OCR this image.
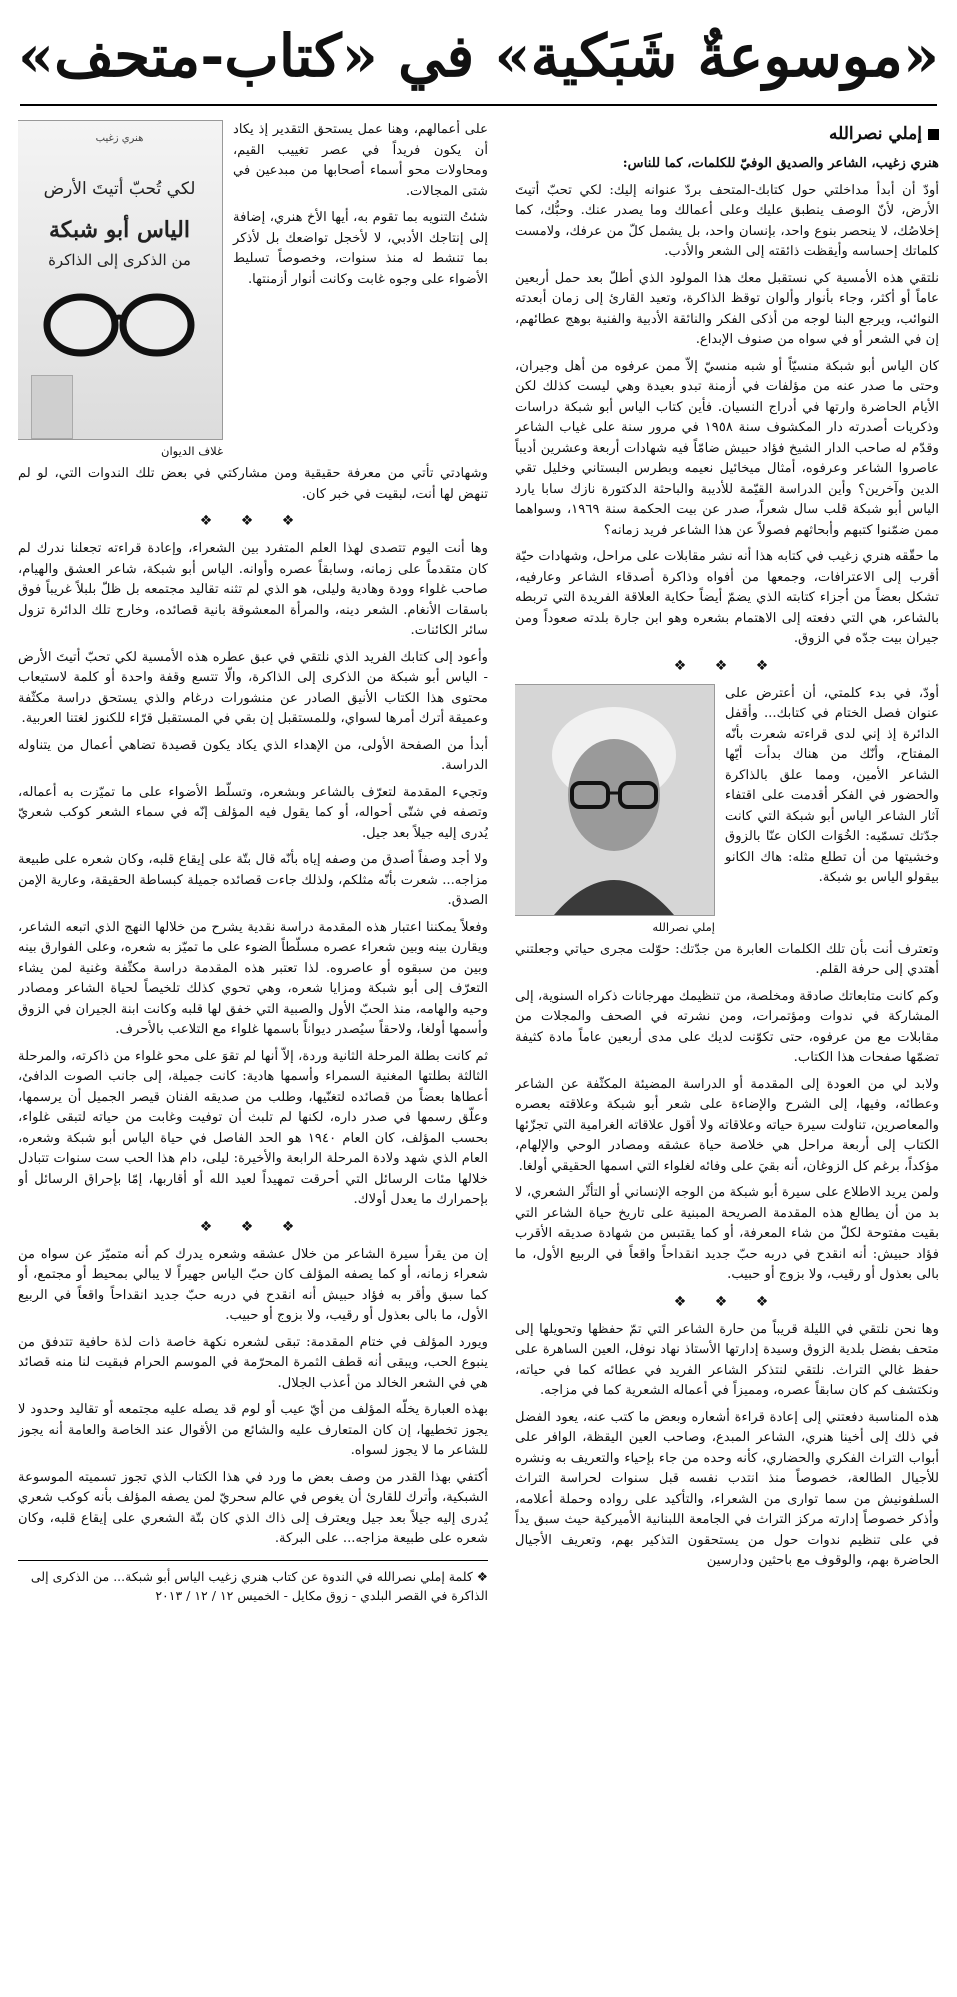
«موسوعةٌ شَبَكية» في «كتاب-متحف»
إملي نصرالله

هنري زغيب، الشاعر والصديق الوفيّ للكلمات، كما للناس:

أودّ أن أبدأ مداخلتي حول كتابك-المتحف بردّ عنوانه إليك: لكي تحبّ أتيتَ الأرض، لأنّ الوصف ينطبق عليك وعلى أعمالك وما يصدر عنك. وحبُّك، كما إخلاصُك، لا ينحصر بنوع واحد، بإنسان واحد، بل يشمل كلّ من عرفك، ولامست كلماتك إحساسه وأيقظت ذائقته إلى الشعر والأدب.

نلتقي هذه الأمسية كي نستقبل معك هذا المولود الذي أطلّ بعد حمل أربعين عاماً أو أكثر، وجاء بأنوار وألوان توقظ الذاكرة، وتعيد القارئ إلى زمان أبعدته النوائب، ويرجع البنا لوجه من أذكى الفكر والنائقة الأدبية والفنية بوهج عطائهم، إن في الشعر أو في سواه من صنوف الإبداع.

كان الياس أبو شبكة منسيّاً أو شبه منسيّ إلاّ ممن عرفوه من أهل وجيران، وحتى ما صدر عنه من مؤلفات في أزمنة تبدو بعيدة وهي ليست كذلك لكن الأيام الحاضرة وارتها في أدراج النسيان. فأين كتاب الياس أبو شبكة دراسات وذكريات أصدرته دار المكشوف سنة ١٩٥٨ في مرور سنة على غياب الشاعر وقدّم له صاحب الدار الشيخ فؤاد حبيش ضامّاً فيه شهادات أربعة وعشرين أديباً عاصروا الشاعر وعرفوه، أمثال ميخائيل نعيمه وبطرس البستاني وخليل تقي الدين وآخرين؟ وأين الدراسة القيّمة للأديبة والباحثة الدكتورة نازك سابا يارد الياس أبو شبكة قلب سال شعراً، صدر عن بيت الحكمة سنة ١٩٦٩، وسواهما ممن ضمّنوا كتبهم وأبحاثهم فصولاً عن هذا الشاعر فريد زمانه؟

ما حقّقه هنري زغيب في كتابه هذا أنه نشر مقابلات على مراحل، وشهادات حيّة أقرب إلى الاعترافات، وجمعها من أفواه وذاكرة أصدقاء الشاعر وعارفيه، تشكل بعضاً من أجزاء كتابته الذي يضمّ أيضاً حكاية العلاقة الفريدة التي تربطه بالشاعر، هي التي دفعته إلى الاهتمام بشعره وهو ابن جارة بلدته صعوداً ومن جيران بيت جدّه في الزوق.

❖ ❖ ❖

أودّ، في بدء كلمتي، أن أعترض على عنوان فصل الختام في كتابك... وأقفل الدائرة إذ إني لدى قراءته شعرت بأنّه المفتاح، وأنّك من هناك بدأت أيّها الشاعر الأمين، ومما علق بالذاكرة والحضور في الفكر أقدمت على اقتفاء آثار الشاعر الياس أبو شبكة التي كانت جدّتك تسمّيه: الخُوَات الكان عنّا بالزوق وخشيتها من أن تطلع مثله: هاك الكانو بيقولو الياس بو شبكة.

إملي نصرالله

وتعترف أنت بأن تلك الكلمات العابرة من جدّتك: حوّلت مجرى حياتي وجعلتني أهتدي إلى حرفة القلم.

وكم كانت متابعاتك صادقة ومخلصة، من تنظيمك مهرجانات ذكراه السنوية، إلى المشاركة في ندوات ومؤتمرات، ومن نشرته في الصحف والمجلات من مقابلات مع من عرفوه، حتى تكوّنت لديك على مدى أربعين عاماً مادة كثيفة تضمّها صفحات هذا الكتاب.

ولابد لي من العودة إلى المقدمة أو الدراسة المضيئة المكثّفة عن الشاعر وعطائه، وفيها، إلى الشرح والإضاءة على شعر أبو شبكة وعلاقته بعصره والمعاصرين، تناولت سيرة حياته وعلاقاته ولا أقول علاقاته الغرامية التي تجزّئها الكتاب إلى أربعة مراحل هي خلاصة حياة عشقه ومصادر الوحي والإلهام، مؤكداً، برغم كل الزوغان، أنه بقيَ على وفائه لغلواء التي اسمها الحقيقي أولغا.

ولمن يريد الاطلاع على سيرة أبو شبكة من الوجه الإنساني أو التأثّر الشعري، لا بد من أن يطالع هذه المقدمة الصريحة المبنية على تاريخ حياة الشاعر التي بقيت مفتوحة لكلّ من شاء المعرفة، أو كما يقتبس من شهادة صديقه الأقرب فؤاد حبيش: أنه انقدح في دربه حبّ جديد انقداحاً واقعاً في الربيع الأول، ما بالى بعذول أو رقيب، ولا بزوج أو حبيب.

❖ ❖ ❖

وها نحن نلتقي في الليلة قريباً من حارة الشاعر التي تمّ حفظها وتحويلها إلى متحف بفضل بلدية الزوق وسيدة إدارتها الأستاذ نهاد نوفل، العين الساهرة على حفظ غالي التراث. نلتقي لنتذكر الشاعر الفريد في عطائه كما في حياته، ونكتشف كم كان سابقاً عصره، ومميزاً في أعماله الشعرية كما في مزاجه.

هذه المناسبة دفعتني إلى إعادة قراءة أشعاره وبعض ما كتب عنه، يعود الفضل في ذلك إلى أخينا هنري، الشاعر المبدع، وصاحب العين اليقظة، الوافر على أبواب التراث الفكري والحضاري، كأنه وحده من جاء بإحياء والتعريف به ونشره للأجيال الطالعة، خصوصاً منذ انتدب نفسه قبل سنوات لحراسة التراث السلفونيش من سما توارى من الشعراء، والتأكيد على رواده وحملة أعلامه، وأذكر خصوصاً إدارته مركز التراث في الجامعة اللبنانية الأميركية حيث سبق يداً في على تنظيم ندوات حول من يستحقون التذكير بهم، وتعريف الأجيال الحاضرة بهم، والوقوف مع باحثين ودارسين

على أعمالهم، وهنا عمل يستحق التقدير إذ يكاد أن يكون فريداً في عصر تغييب القيم، ومحاولات محو أسماء أصحابها من مبدعين في شتى المجالات.

شئتُ التنويه بما تقوم به، أيها الأخ هنري، إضافة إلى إنتاجك الأدبي، لا لأخجل تواضعك بل لأذكر بما تنشط له منذ سنوات، وخصوصاً تسليط الأضواء على وجوه غابت وكانت أنوار أزمنتها.

هنري زغيب
لكي تُحبّ أتيتَ الأرض
الياس أبو شبكة
من الذكرى إلى الذاكرة
غلاف الديوان

وشهادتي تأتي من معرفة حقيقية ومن مشاركتي في بعض تلك الندوات التي، لو لم تنهض لها أنت، لبقيت في خبر كان.

❖ ❖ ❖

وها أنت اليوم تتصدى لهذا العلم المتفرد بين الشعراء، وإعادة قراءته تجعلنا ندرك لم كان متقدماً على زمانه، وسابقاً عصره وأوانه. الياس أبو شبكة، شاعر العشق والهيام، صاحب غلواء وودة وهادية وليلى، هو الذي لم تثنه تقاليد مجتمعه بل ظلّ بلبلاً غريباً فوق باسقات الأنغام. الشعر دينه، والمرأة المعشوقة بانية قصائده، وخارج تلك الدائرة تزول سائر الكائنات.

وأعود إلى كتابك الفريد الذي نلتقي في عبق عطره هذه الأمسية لكي تحبّ أتيتَ الأرض - الياس أبو شبكة من الذكرى إلى الذاكرة، والّا تتسع وقفة واحدة أو كلمة لاستيعاب محتوى هذا الكتاب الأنيق الصادر عن منشورات درغام والذي يستحق دراسة مكثّفة وعميقة أترك أمرها لسواي، وللمستقبل إن بقي في المستقبل قرّاء للكنوز لغتنا العربية.

أبدأ من الصفحة الأولى، من الإهداء الذي يكاد يكون قصيدة تضاهي أعمال من يتناوله الدراسة.

وتجيء المقدمة لتعرّف بالشاعر وبشعره، وتسلّط الأضواء على ما تميّزت به أعماله، وتصفه في شتّى أحواله، أو كما يقول فيه المؤلف إنّه في سماء الشعر كوكب شعريّ يُدرى إليه جيلاً بعد جيل.

ولا أجد وصفاً أصدق من وصفه إياه بأنّه قال بتّة على إيقاع قلبه، وكان شعره على طبيعة مزاجه... شعرت بأنّه مثلكم، ولذلك جاءت قصائده جميلة كبساطة الحقيقة، وعارية الإمن الصدق.

وفعلاً يمكننا اعتبار هذه المقدمة دراسة نقدية يشرح من خلالها النهج الذي اتبعه الشاعر، ويقارن بينه وبين شعراء عصره مسلّطاً الضوء على ما تميّز به شعره، وعلى الفوارق بينه وبين من سبقوه أو عاصروه. لذا تعتبر هذه المقدمة دراسة مكثّفة وغنية لمن يشاء التعرّف إلى أبو شبكة ومزايا شعره، وهي تحوي كذلك تلخيصاً لحياة الشاعر ومصادر وحيه والهامه، منذ الحبّ الأول والصبية التي خفق لها قلبه وكانت ابنة الجيران في الزوق وأسمها أولغا، ولاحقاً سيُصدر ديواناً باسمها غلواء مع التلاعب بالأحرف.

ثم كانت بطلة المرحلة الثانية وردة، إلاّ أنها لم تقوَ على محو غلواء من ذاكرته، والمرحلة الثالثة بطلتها المغنية السمراء وأسمها هادية: كانت جميلة، إلى جانب الصوت الدافئ، أعطاها بعضاً من قصائده لتغنّيها، وطلب من صديقه الفنان قيصر الجميل أن يرسمها، وعلّق رسمها في صدر داره، لكنها لم تلبث أن توفيت وغابت من حياته لتبقى غلواء، بحسب المؤلف، كان العام ١٩٤٠ هو الحد الفاصل في حياة الياس أبو شبكة وشعره، العام الذي شهد ولادة المرحلة الرابعة والأخيرة: ليلى، دام هذا الحب ست سنوات تتبادل خلالها مئات الرسائل التي أحرقت تمهيداً لعيد الله أو أقاربها، إمّا بإحراق الرسائل أو بإحمرارك ما يعدل أولاك.

❖ ❖ ❖

إن من يقرأ سيرة الشاعر من خلال عشقه وشعره يدرك كم أنه متميّز عن سواه من شعراء زمانه، أو كما يصفه المؤلف كان حبّ الياس جهيراً لا يبالي بمحيط أو مجتمع، أو كما سبق وأقر به فؤاد حبيش أنه انقدح في دربه حبّ جديد انقداحاً واقعاً في الربيع الأول، ما بالى بعذول أو رقيب، ولا بزوج أو حبيب.

ويورد المؤلف في ختام المقدمة: تبقى لشعره نكهة خاصة ذات لذة حافية تتدفق من ينبوع الحب، ويبقى أنه قطف الثمرة المحرّمة في الموسم الحرام فبقيت لنا منه قصائد هي في الشعر الخالد من أعذب الجلال.

بهذه العبارة يخلّه المؤلف من أيّ عيب أو لوم قد يصله عليه مجتمعه أو تقاليد وحدود لا يجوز تخطيها، إن كان المتعارف عليه والشائع من الأقوال عند الخاصة والعامة أنه يجوز للشاعر ما لا يجوز لسواه.

أكتفي بهذا القدر من وصف بعض ما ورد في هذا الكتاب الذي تجوز تسميته الموسوعة الشبكية، وأترك للقارئ أن يغوص في عالم سحريّ لمن يصفه المؤلف بأنه كوكب شعري يُدرى إليه جيلاً بعد جيل ويعترف إلى ذاك الذي كان بتّة الشعري على إيقاع قلبه، وكان شعره على طبيعة مزاجه... على البركة.

❖ كلمة إملي نصرالله في الندوة عن كتاب هنري زغيب الياس أبو شبكة... من الذكرى إلى الذاكرة في القصر البلدي - زوق مكايل - الخميس ١٢ / ١٢ / ٢٠١٣
